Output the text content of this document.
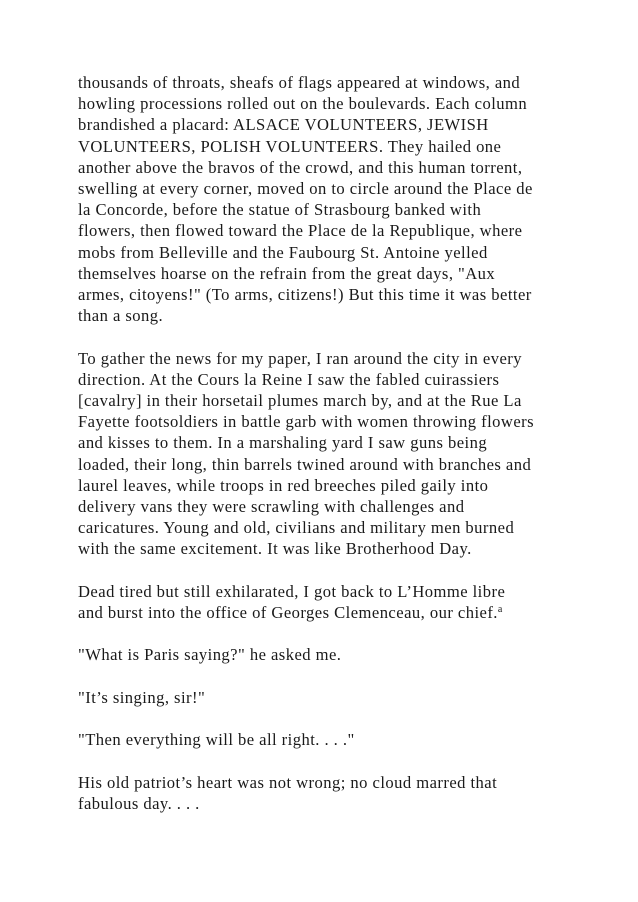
thousands of throats, sheafs of flags appeared at windows, and
howling processions rolled out on the boulevards. Each column
brandished a placard: ALSACE VOLUNTEERS, JEWISH
VOLUNTEERS, POLISH VOLUNTEERS. They hailed one
another above the bravos of the crowd, and this human torrent,
swelling at every corner, moved on to circle around the Place de
la Concorde, before the statue of Strasbourg banked with
flowers, then flowed toward the Place de la Republique, where
mobs from Belleville and the Faubourg St. Antoine yelled
themselves hoarse on the refrain from the great days, "Aux
armes, citoyens!" (To arms, citizens!) But this time it was better
than a song.

To gather the news for my paper, I ran around the city in every
direction. At the Cours la Reine I saw the fabled cuirassiers
[cavalry] in their horsetail plumes march by, and at the Rue La
Fayette footsoldiers in battle garb with women throwing flowers
and kisses to them. In a marshaling yard I saw guns being
loaded, their long, thin barrels twined around with branches and
laurel leaves, while troops in red breeches piled gaily into
delivery vans they were scrawling with challenges and
caricatures. Young and old, civilians and military men burned
with the same excitement. It was like Brotherhood Day.

Dead tired but still exhilarated, I got back to L’Homme libre
and burst into the office of Georges Clemenceau, our chief.$^a$

"What is Paris saying?" he asked me.

"It’s singing, sir!"

"Then everything will be all right. . . ."

His old patriot’s heart was not wrong; no cloud marred that
fabulous day. . . .
